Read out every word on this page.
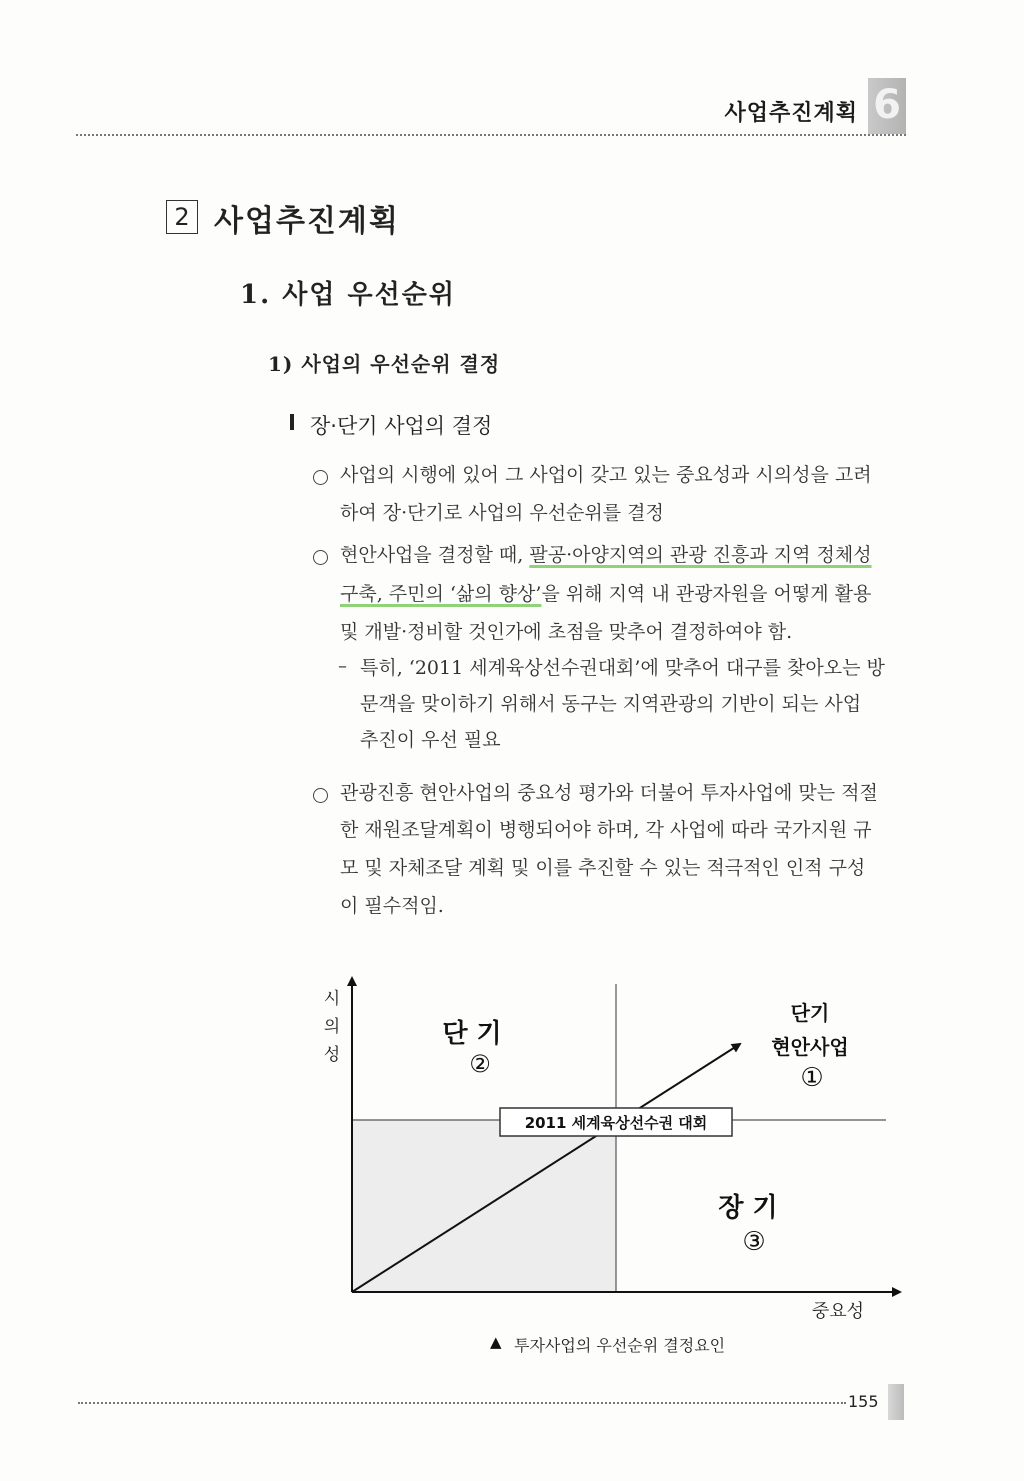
사업추진계획 6
2 사업추진계획
1. 사업 우선순위
1) 사업의 우선순위 결정
장·단기 사업의 결정
사업의 시행에 있어 그 사업이 갖고 있는 중요성과 시의성을 고려
하여 장·단기로 사업의 우선순위를 결정
현안사업을 결정할 때, 팔공·아양지역의 관광 진흥과 지역 정체성
구축, 주민의 ‘삶의 향상’을 위해 지역 내 관광자원을 어떻게 활용
및 개발·정비할 것인가에 초점을 맞추어 결정하여야 함.
– 특히, ‘2011 세계육상선수권대회’에 맞추어 대구를 찾아오는 방
문객을 맞이하기 위해서 동구는 지역관광의 기반이 되는 사업
추진이 우선 필요
관광진흥 현안사업의 중요성 평가와 더불어 투자사업에 맞는 적절
한 재원조달계획이 병행되어야 하며, 각 사업에 따라 국가지원 규
모 및 자체조달 계획 및 이를 추진할 수 있는 적극적인 인적 구성
이 필수적임.
2011 세계육상선수권 대회
시
의
성
중요성
단 기
②
단기
현안사업
①
장 기
③
▲ 투자사업의 우선순위 결정요인
155
